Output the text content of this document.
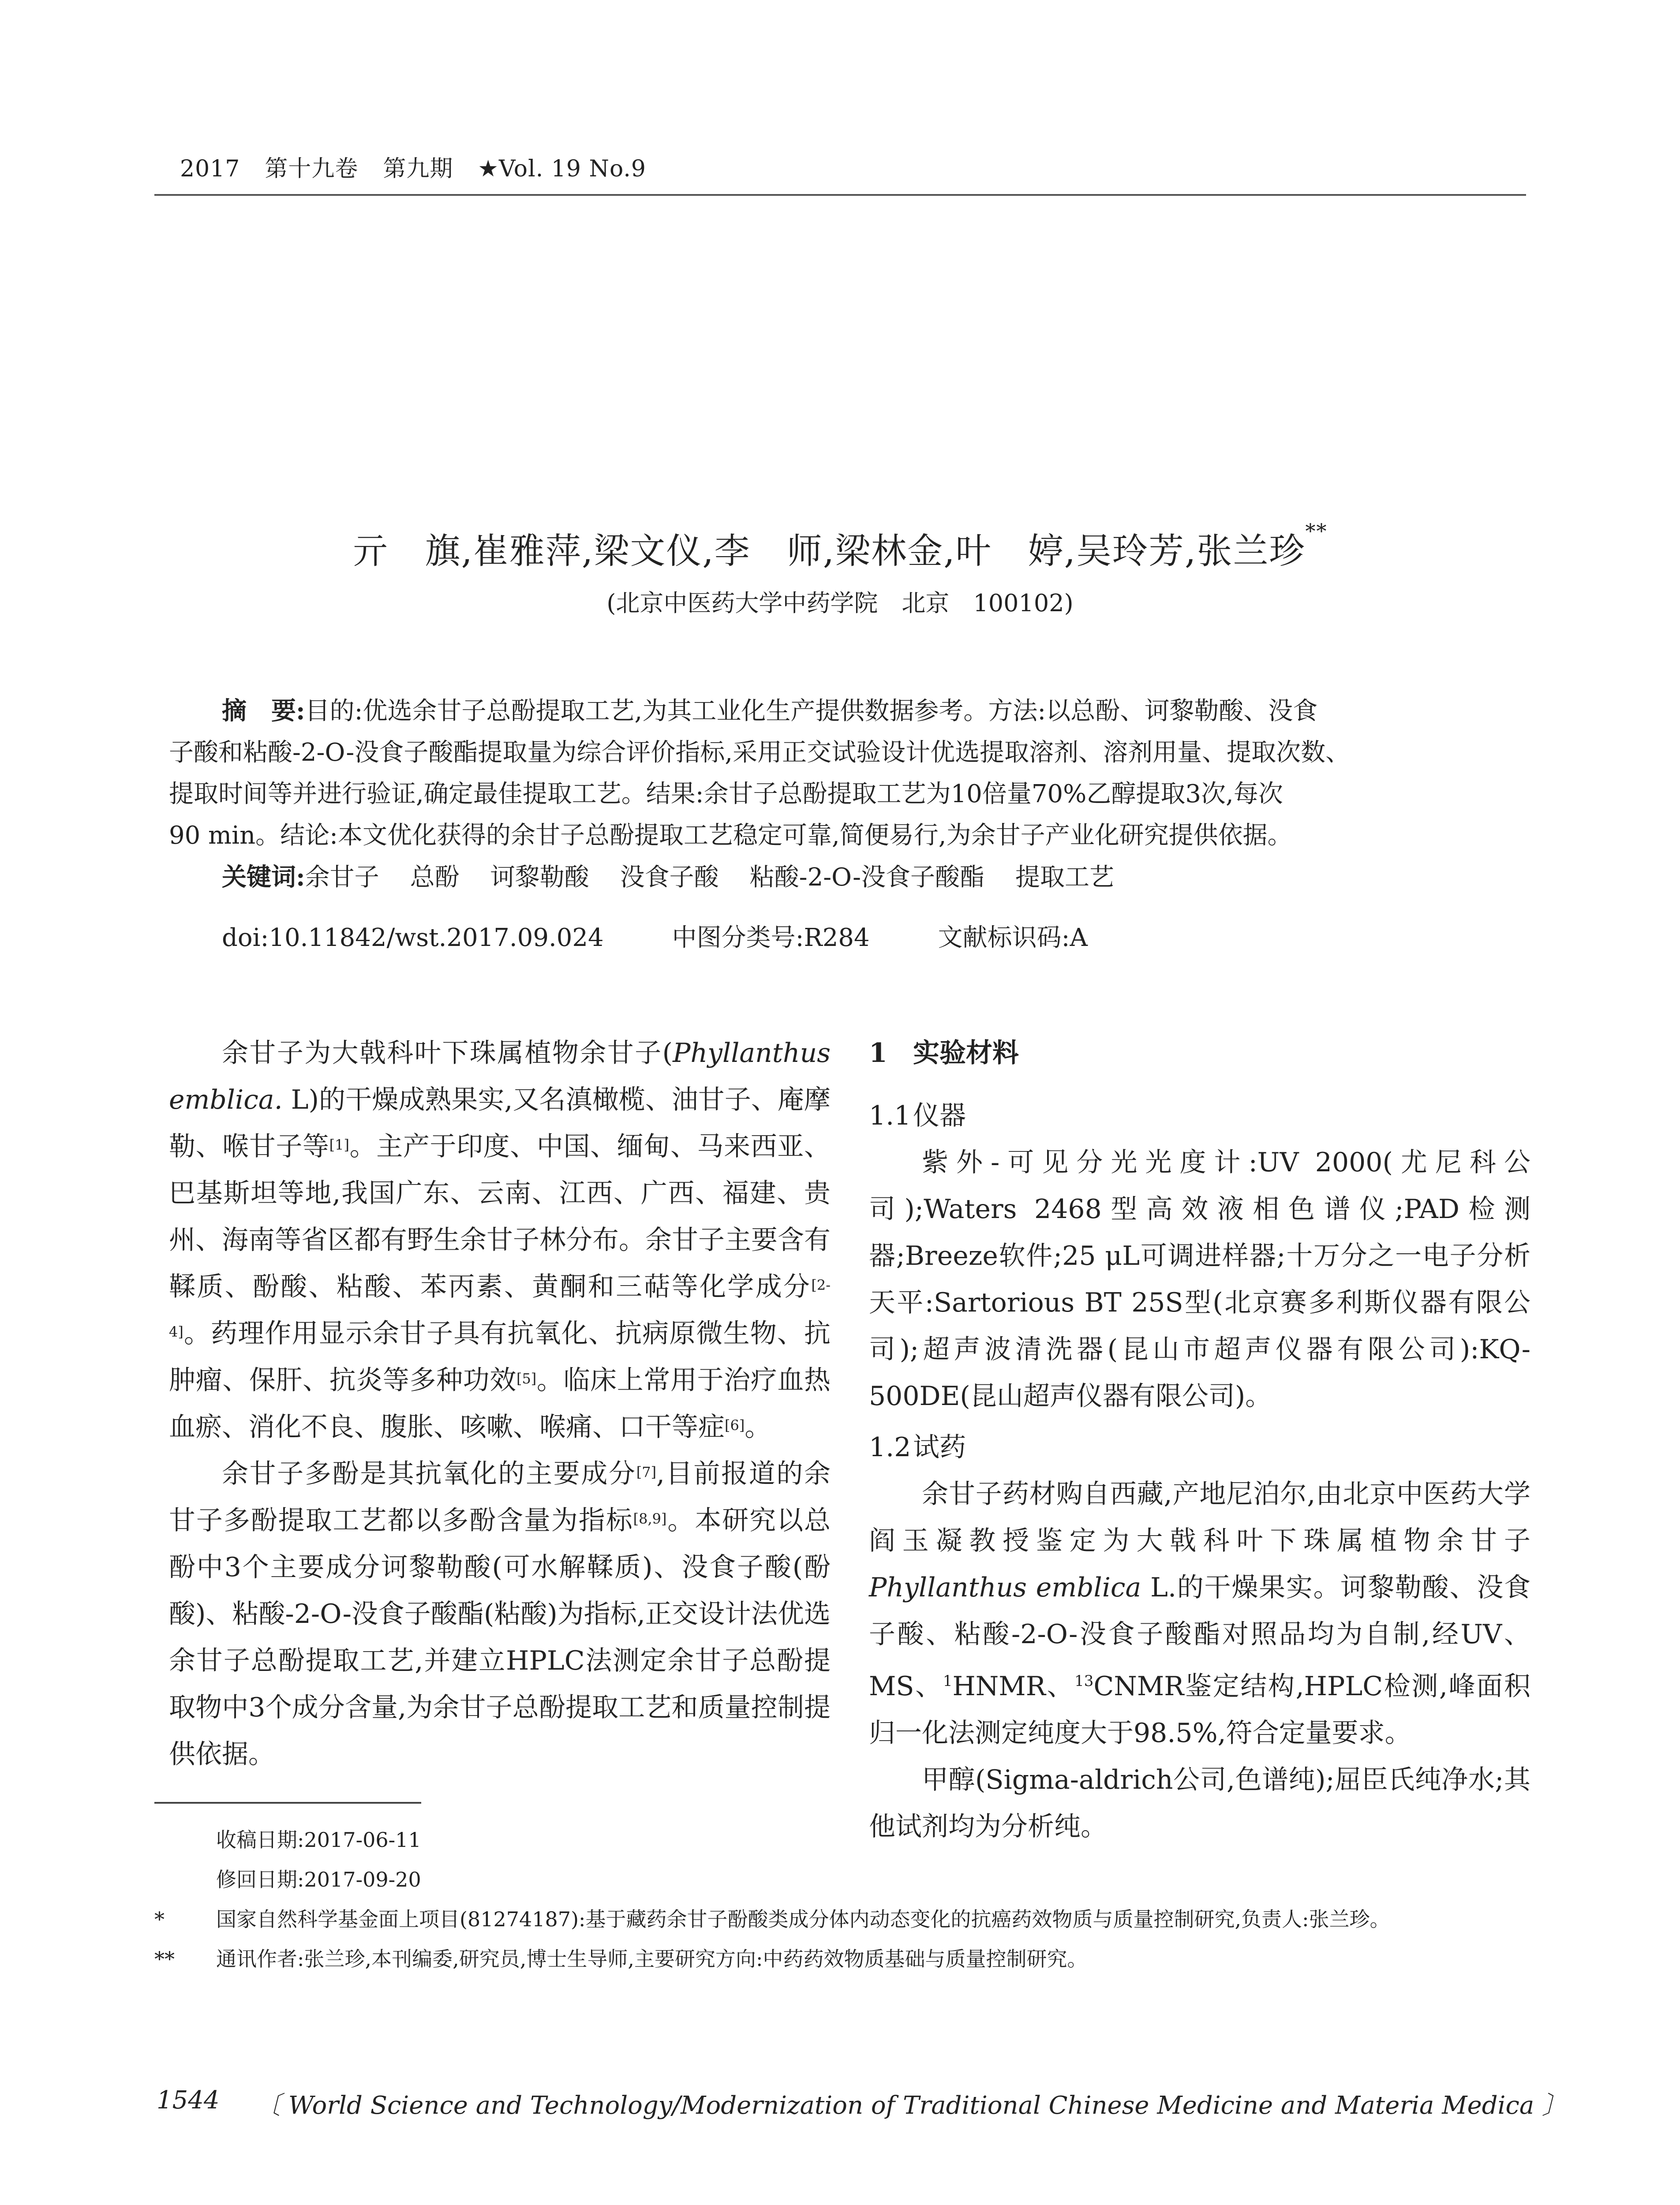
2017 第十九卷 第九期 ★Vol. 19 No.9
亓　旗,崔雅萍,梁文仪,李　师,梁林金,叶　婷,吴玲芳,张兰珍**
(北京中医药大学中药学院　北京　100102)
摘　要:目的:优选余甘子总酚提取工艺,为其工业化生产提供数据参考。方法:以总酚、诃黎勒酸、没食
子酸和粘酸-2-O-没食子酸酯提取量为综合评价指标,采用正交试验设计优选提取溶剂、溶剂用量、提取次数、
提取时间等并进行验证,确定最佳提取工艺。结果:余甘子总酚提取工艺为10倍量70%乙醇提取3次,每次
90 min。结论:本文优化获得的余甘子总酚提取工艺稳定可靠,简便易行,为余甘子产业化研究提供依据。
关键词:余甘子 总酚 诃黎勒酸 没食子酸 粘酸-2-O-没食子酸酯 提取工艺
doi:10.11842/wst.2017.09.024	中图分类号:R284	文献标识码:A

余甘子为大戟科叶下珠属植物余甘子(Phyllanthus emblica. L)的干燥成熟果实,又名滇橄榄、油甘子、庵摩勒、喉甘子等[1]。主产于印度、中国、缅甸、马来西亚、巴基斯坦等地,我国广东、云南、江西、广西、福建、贵州、海南等省区都有野生余甘子林分布。余甘子主要含有鞣质、酚酸、粘酸、苯丙素、黄酮和三萜等化学成分[2-4]。药理作用显示余甘子具有抗氧化、抗病原微生物、抗肿瘤、保肝、抗炎等多种功效[5]。临床上常用于治疗血热血瘀、消化不良、腹胀、咳嗽、喉痛、口干等症[6]。

余甘子多酚是其抗氧化的主要成分[7],目前报道的余甘子多酚提取工艺都以多酚含量为指标[8,9]。本研究以总酚中3个主要成分诃黎勒酸(可水解鞣质)、没食子酸(酚酸)、粘酸-2-O-没食子酸酯(粘酸)为指标,正交设计法优选余甘子总酚提取工艺,并建立HPLC法测定余甘子总酚提取物中3个成分含量,为余甘子总酚提取工艺和质量控制提供依据。

1 实验材料

1.1仪器

紫外-可见分光光度计:UV 2000(尤尼科公司);Waters 2468型高效液相色谱仪;PAD检测器;Breeze软件;25 μL可调进样器;十万分之一电子分析天平:Sartorious BT 25S型(北京赛多利斯仪器有限公司);超声波清洗器(昆山市超声仪器有限公司):KQ-500DE(昆山超声仪器有限公司)。

1.2试药

余甘子药材购自西藏,产地尼泊尔,由北京中医药大学阎玉凝教授鉴定为大戟科叶下珠属植物余甘子Phyllanthus emblica L.的干燥果实。诃黎勒酸、没食子酸、粘酸-2-O-没食子酸酯对照品均为自制,经UV、MS、$^1$HNMR、$^{13}$CNMR鉴定结构,HPLC检测,峰面积归一化法测定纯度大于98.5%,符合定量要求。

甲醇(Sigma-aldrich公司,色谱纯);屈臣氏纯净水;其他试剂均为分析纯。

收稿日期:2017-06-11
修回日期:2017-09-20
*	国家自然科学基金面上项目(81274187):基于藏药余甘子酚酸类成分体内动态变化的抗癌药效物质与质量控制研究,负责人:张兰珍。
** 通讯作者:张兰珍,本刊编委,研究员,博士生导师,主要研究方向:中药药效物质基础与质量控制研究。
1544 〔 World Science and Technology/Modernization of Traditional Chinese Medicine and Materia Medica 〕
